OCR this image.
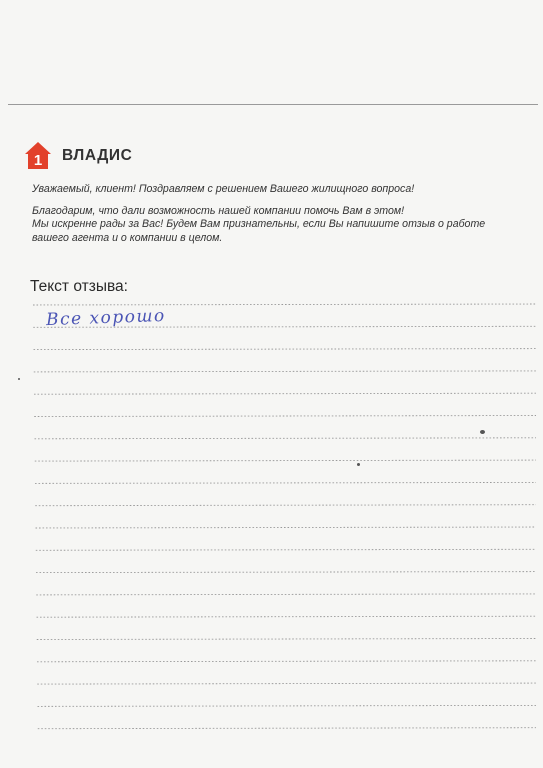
1 ВЛАДИС

Уважаемый, клиент! Поздравляем с решением Вашего жилищного вопроса!

Благодарим, что дали возможность нашей компании помочь Вам в этом!

Мы искренне рады за Вас! Будем Вам признательны, если Вы напишите отзыв о работе

вашего агента и о компании в целом.

Текст отзыва:
Все хорошо
